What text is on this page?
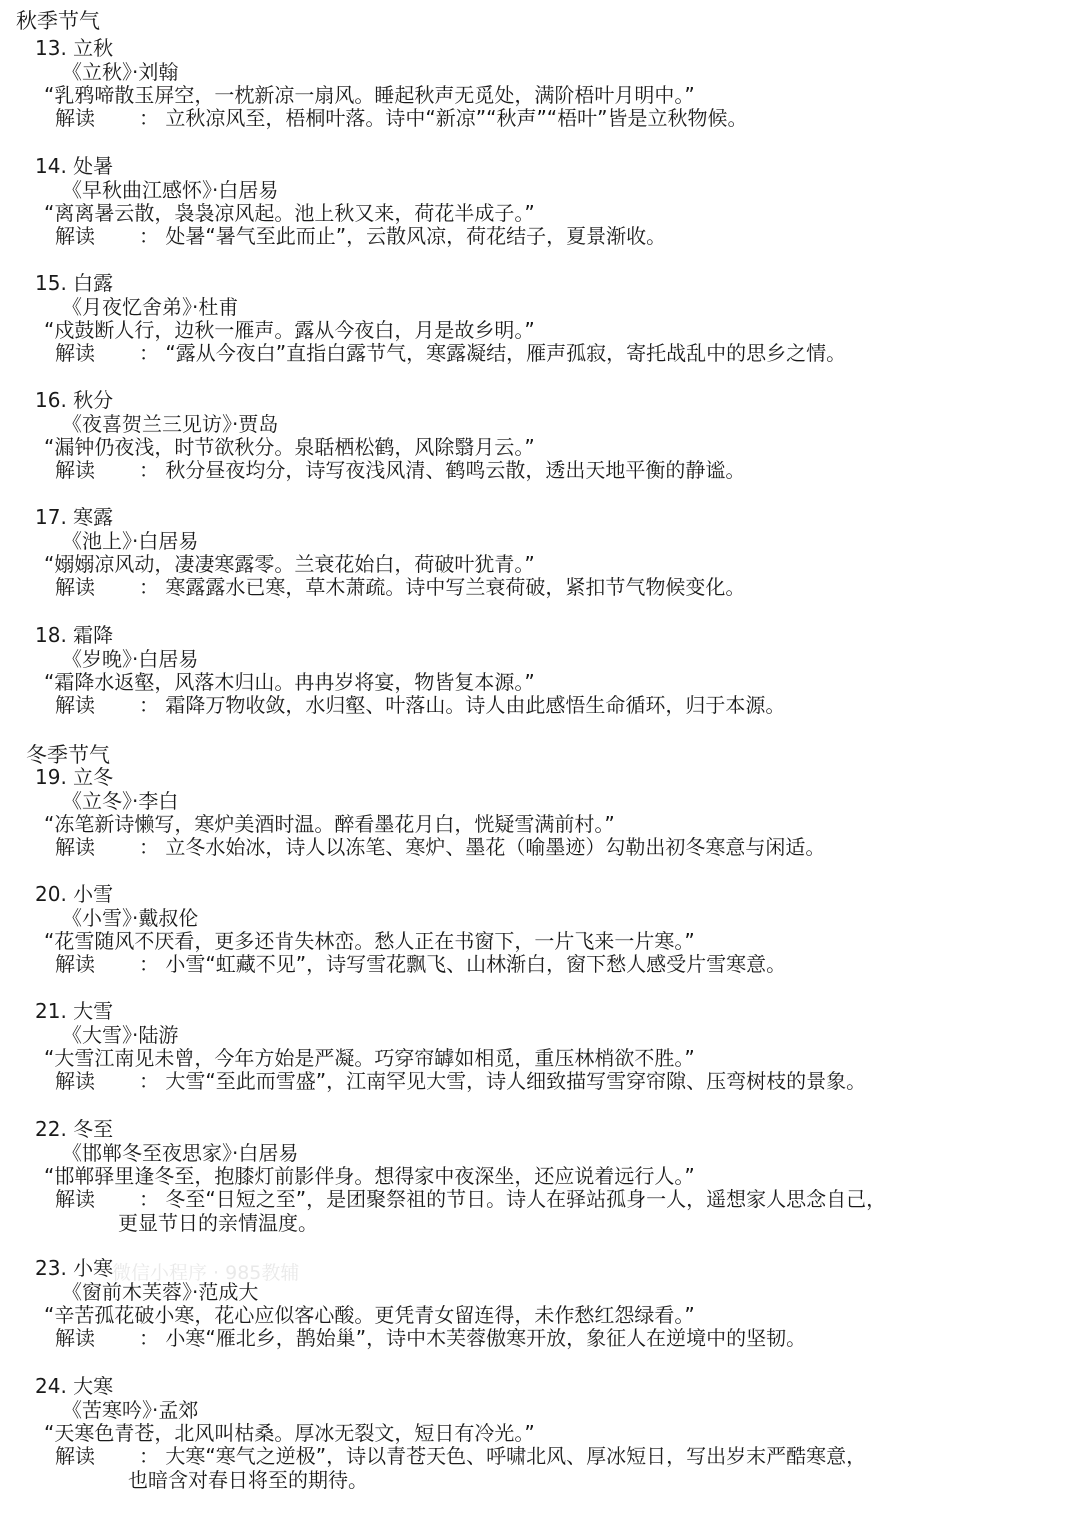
微信小程序 · 985教辅
秋季节气
13. 立秋
《立秋》·刘翰
“乳鸦啼散玉屏空，一枕新凉一扇风。睡起秋声无觅处，满阶梧叶月明中。”
解读 ： 立秋凉风至，梧桐叶落。诗中“新凉”“秋声”“梧叶”皆是立秋物候。
14. 处暑
《早秋曲江感怀》·白居易
“离离暑云散，袅袅凉风起。池上秋又来，荷花半成子。”
解读 ： 处暑“暑气至此而止”，云散风凉，荷花结子，夏景渐收。
15. 白露
《月夜忆舍弟》·杜甫
“戍鼓断人行，边秋一雁声。露从今夜白，月是故乡明。”
解读 ： “露从今夜白”直指白露节气，寒露凝结，雁声孤寂，寄托战乱中的思乡之情。
16. 秋分
《夜喜贺兰三见访》·贾岛
“漏钟仍夜浅，时节欲秋分。泉聒栖松鹤，风除翳月云。”
解读 ： 秋分昼夜均分，诗写夜浅风清、鹤鸣云散，透出天地平衡的静谧。
17. 寒露
《池上》·白居易
“嫋嫋凉风动，凄凄寒露零。兰衰花始白，荷破叶犹青。”
解读 ： 寒露露水已寒，草木萧疏。诗中写兰衰荷破，紧扣节气物候变化。
18. 霜降
《岁晚》·白居易
“霜降水返壑，风落木归山。冉冉岁将宴，物皆复本源。”
解读 ： 霜降万物收敛，水归壑、叶落山。诗人由此感悟生命循环，归于本源。
冬季节气
19. 立冬
《立冬》·李白
“冻笔新诗懒写，寒炉美酒时温。醉看墨花月白，恍疑雪满前村。”
解读 ： 立冬水始冰，诗人以冻笔、寒炉、墨花（喻墨迹）勾勒出初冬寒意与闲适。
20. 小雪
《小雪》·戴叔伦
“花雪随风不厌看，更多还肯失林峦。愁人正在书窗下，一片飞来一片寒。”
解读 ： 小雪“虹藏不见”，诗写雪花飘飞、山林渐白，窗下愁人感受片雪寒意。
21. 大雪
《大雪》·陆游
“大雪江南见未曾，今年方始是严凝。巧穿帘罅如相觅，重压林梢欲不胜。”
解读 ： 大雪“至此而雪盛”，江南罕见大雪，诗人细致描写雪穿帘隙、压弯树枝的景象。
22. 冬至
《邯郸冬至夜思家》·白居易
“邯郸驿里逢冬至，抱膝灯前影伴身。想得家中夜深坐，还应说着远行人。”
解读 ： 冬至“日短之至”，是团聚祭祖的节日。诗人在驿站孤身一人，遥想家人思念自己，
更显节日的亲情温度。
23. 小寒
《窗前木芙蓉》·范成大
“辛苦孤花破小寒，花心应似客心酸。更凭青女留连得，未作愁红怨绿看。”
解读 ： 小寒“雁北乡，鹊始巢”，诗中木芙蓉傲寒开放，象征人在逆境中的坚韧。
24. 大寒
《苦寒吟》·孟郊
“天寒色青苍，北风叫枯桑。厚冰无裂文，短日有冷光。”
解读 ： 大寒“寒气之逆极”，诗以青苍天色、呼啸北风、厚冰短日，写出岁末严酷寒意，
也暗含对春日将至的期待。
